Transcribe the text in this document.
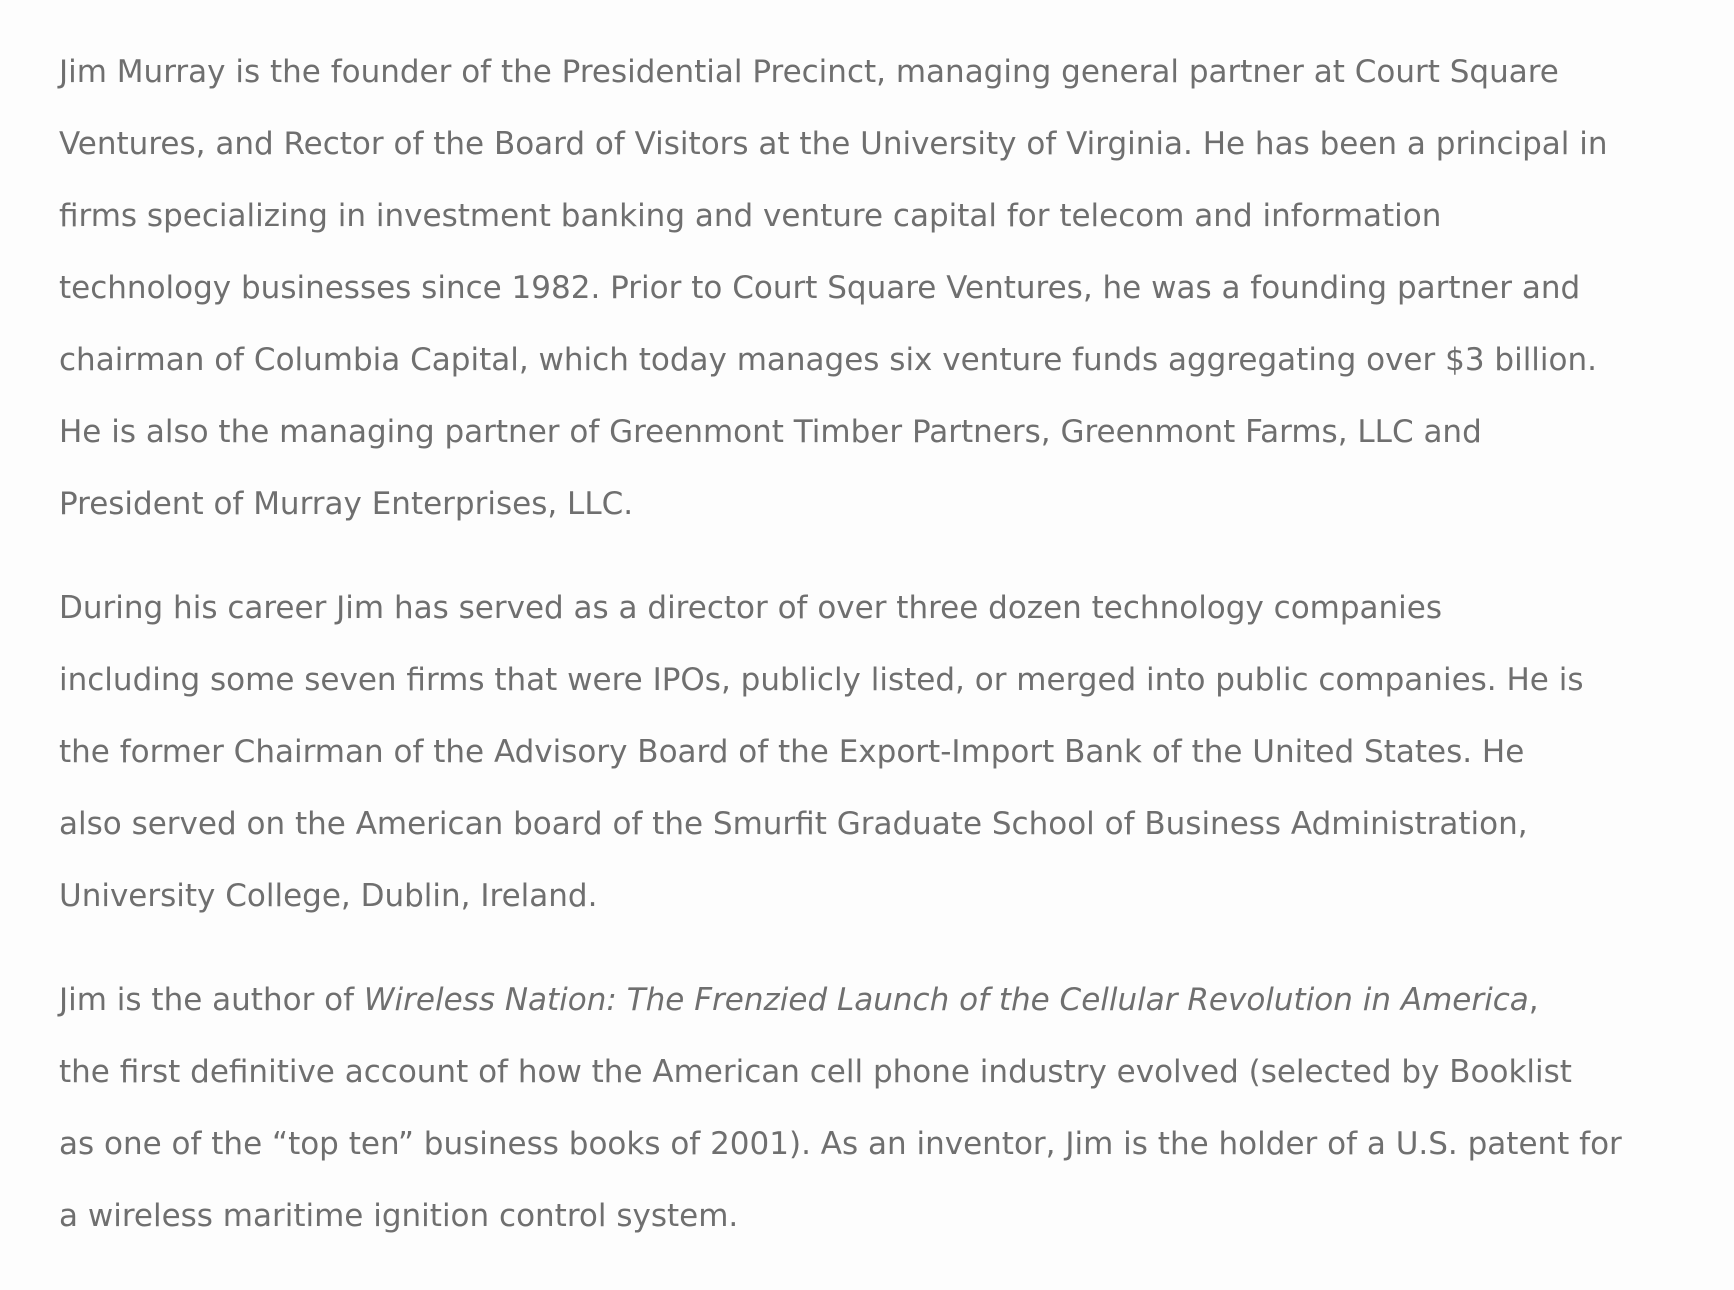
Jim Murray is the founder of the Presidential Precinct, managing general partner at Court Square
Ventures, and Rector of the Board of Visitors at the University of Virginia. He has been a principal in
firms specializing in investment banking and venture capital for telecom and information
technology businesses since 1982. Prior to Court Square Ventures, he was a founding partner and
chairman of Columbia Capital, which today manages six venture funds aggregating over $3 billion.
He is also the managing partner of Greenmont Timber Partners, Greenmont Farms, LLC and
President of Murray Enterprises, LLC.

During his career Jim has served as a director of over three dozen technology companies
including some seven firms that were IPOs, publicly listed, or merged into public companies. He is
the former Chairman of the Advisory Board of the Export-Import Bank of the United States. He
also served on the American board of the Smurfit Graduate School of Business Administration,
University College, Dublin, Ireland.

Jim is the author of Wireless Nation: The Frenzied Launch of the Cellular Revolution in America,
the first definitive account of how the American cell phone industry evolved (selected by Booklist
as one of the “top ten” business books of 2001). As an inventor, Jim is the holder of a U.S. patent for
a wireless maritime ignition control system.
